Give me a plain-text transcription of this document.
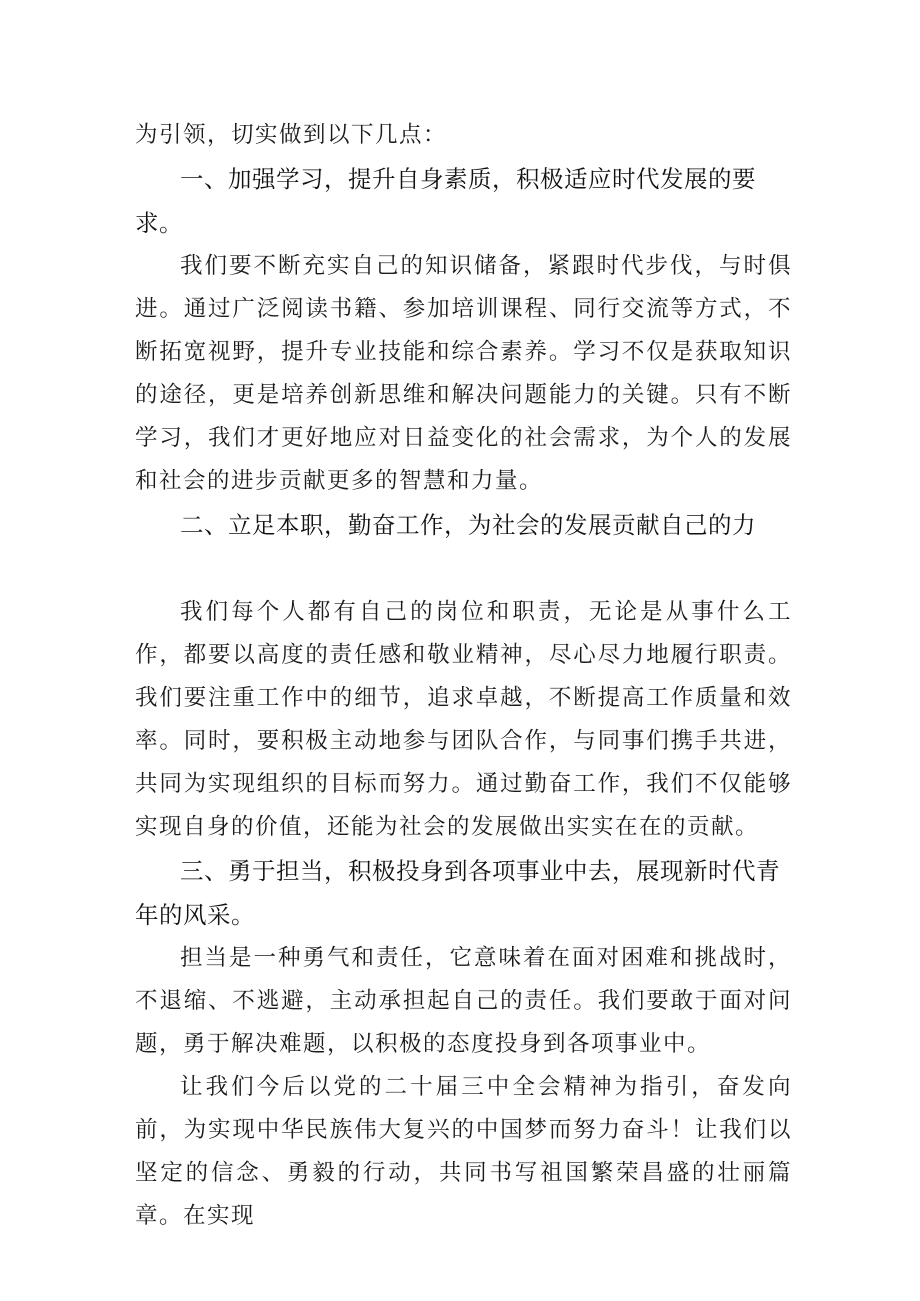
为引领，切实做到以下几点：

一、加强学习，提升自身素质，积极适应时代发展的要求。

我们要不断充实自己的知识储备，紧跟时代步伐，与时俱进。通过广泛阅读书籍、参加培训课程、同行交流等方式，不断拓宽视野，提升专业技能和综合素养。学习不仅是获取知识的途径，更是培养创新思维和解决问题能力的关键。只有不断学习，我们才更好地应对日益变化的社会需求，为个人的发展和社会的进步贡献更多的智慧和力量。

二、立足本职，勤奋工作，为社会的发展贡献自己的力

我们每个人都有自己的岗位和职责，无论是从事什么工作，都要以高度的责任感和敬业精神，尽心尽力地履行职责。我们要注重工作中的细节，追求卓越，不断提高工作质量和效率。同时，要积极主动地参与团队合作，与同事们携手共进，共同为实现组织的目标而努力。通过勤奋工作，我们不仅能够实现自身的价值，还能为社会的发展做出实实在在的贡献。

三、勇于担当，积极投身到各项事业中去，展现新时代青年的风采。

担当是一种勇气和责任，它意味着在面对困难和挑战时，不退缩、不逃避，主动承担起自己的责任。我们要敢于面对问题，勇于解决难题，以积极的态度投身到各项事业中。

让我们今后以党的二十届三中全会精神为指引，奋发向前，为实现中华民族伟大复兴的中国梦而努力奋斗！让我们以坚定的信念、勇毅的行动，共同书写祖国繁荣昌盛的壮丽篇章。在实现
